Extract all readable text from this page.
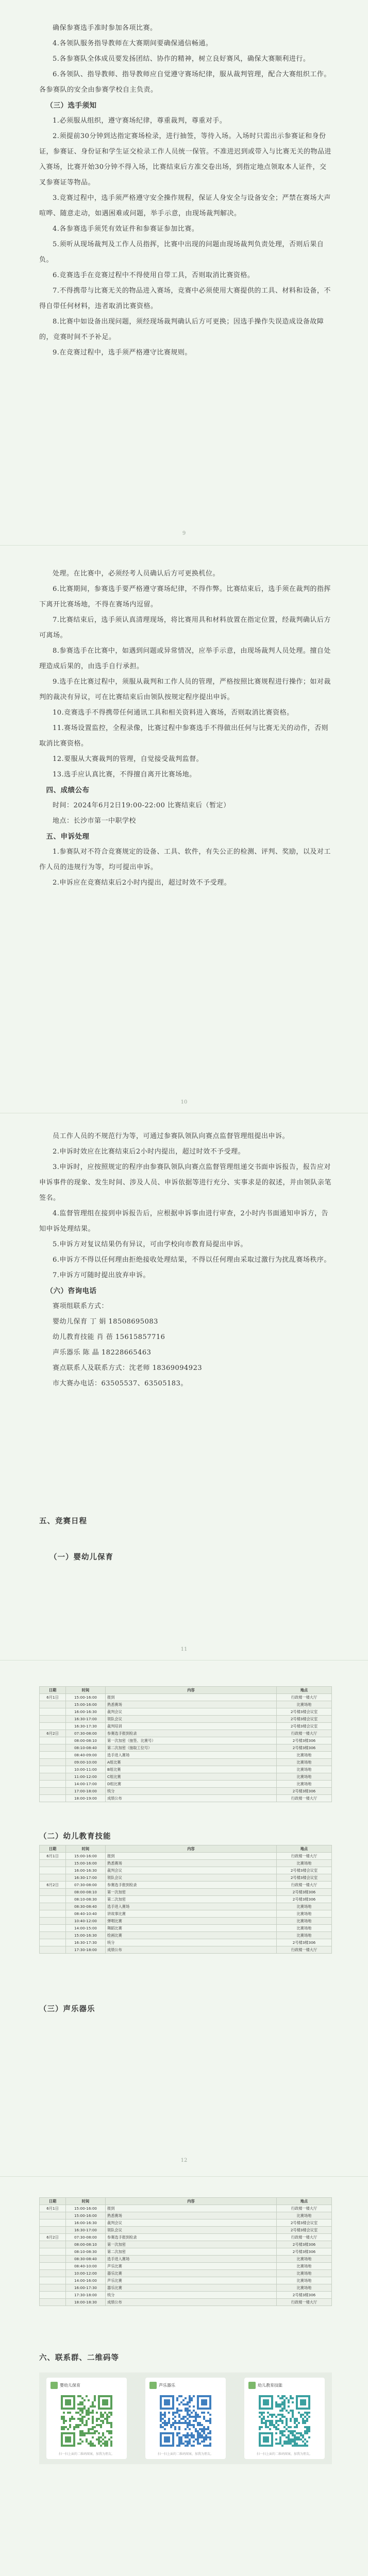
确保参赛选手准时参加各项比赛。

4.各领队服务指导教师在大赛期间要确保通信畅通。

5.各参赛队全体成员要发扬团结、协作的精神，树立良好赛风，确保大赛顺利进行。

6.各领队、指导教师、指导教师应自觉遵守赛场纪律，服从裁判管理，配合大赛组织工作。各参赛队的安全由参赛学校自主负责。

（三）选手须知

1.必须服从组织，遵守赛场纪律，尊重裁判，尊重对手。

2.须提前30分钟到达指定赛场检录，进行抽签，等待入场。入场时只需出示参赛证和身份证，参赛证、身份证和学生证交检录工作人员统一保管。不准进迟到或带入与比赛无关的物品进入赛场，比赛开始30分钟不得入场，比赛结束后方准交卷出场，到指定地点领取本人证件，交叉参赛证等物品。

3.竞赛过程中，选手须严格遵守安全操作规程，保证人身安全与设备安全；严禁在赛场大声喧哗、随意走动，如遇困难或问题，举手示意，由现场裁判解决。

4.各参赛选手须凭有效证件和参赛证参加比赛。

5.须听从现场裁判及工作人员指挥，比赛中出现的问题由现场裁判负责处理，否则后果自负。

6.竞赛选手在竞赛过程中不得使用自带工具，否则取消比赛资格。

7.不得携带与比赛无关的物品进入赛场，竞赛中必须使用大赛提供的工具、材料和设备，不得自带任何材料，违者取消比赛资格。

8.比赛中如设备出现问题，须经现场裁判确认后方可更换；因选手操作失误造成设备故障的，竞赛时间不予补足。

9.在竞赛过程中，选手须严格遵守比赛规则。

9

处理。在比赛中，必须经考人员确认后方可更换机位。

6.比赛期间，参赛选手要严格遵守赛场纪律，不得作弊。比赛结束后，选手须在裁判的指挥下离开比赛场地，不得在赛场内逗留。

7.比赛结束后，选手须认真清理现场，将比赛用具和材料放置在指定位置，经裁判确认后方可离场。

8.参赛选手在比赛中，如遇到问题或异常情况，应举手示意，由现场裁判人员处理。擅自处理造成后果的，由选手自行承担。

9.选手在比赛过程中，须服从裁判和工作人员的管理，严格按照比赛规程进行操作；如对裁判的裁决有异议，可在比赛结束后由领队按规定程序提出申诉。

10.竞赛选手不得携带任何通讯工具和相关资料进入赛场，否则取消比赛资格。

11.赛场设置监控，全程录像，比赛过程中参赛选手不得做出任何与比赛无关的动作，否则取消比赛资格。

12.要服从大赛裁判的管理，自觉接受裁判监督。

13.选手应认真比赛，不得擅自离开比赛场地。

四、成绩公布

时间：2024年6月2日19:00-22:00 比赛结束后（暂定）

地点：长沙市第一中职学校

五、申诉处理

1.参赛队对不符合竞赛规定的设备、工具、软件，有失公正的检测、评判、奖励，以及对工作人员的违规行为等，均可提出申诉。

2.申诉应在竞赛结束后2小时内提出，超过时效不予受理。

10

员工作人员的不规范行为等，可通过参赛队领队向赛点监督管理组提出申诉。

2.申诉时效应在比赛结束后2小时内提出，超过时效不予受理。

3.申诉时，应按照规定的程序由参赛队领队向赛点监督管理组递交书面申诉报告，报告应对申诉事件的现象、发生时间、涉及人员、申诉依据等进行充分、实事求是的叙述，并由领队亲笔签名。

4.监督管理组在接到申诉报告后，应根据申诉事由进行审查，2小时内书面通知申诉方，告知申诉处理结果。

5.申诉方对复议结果仍有异议，可由学校向市教育局提出申诉。

6.申诉方不得以任何理由拒绝接收处理结果，不得以任何理由采取过激行为扰乱赛场秩序。

7.申诉方可随时提出放弃申诉。

（六）咨询电话

赛项组联系方式：

婴幼儿保育 丁 娟 18508695083

幼儿教育技能 肖 蓓 15615857716

声乐器乐 陈 晶 18228665463

赛点联系人及联系方式：沈老师 18369094923

市大赛办电话：63505537、63505183。

五、竞赛日程
（一）婴幼儿保育
11
日期	时间	内容	地点
6月1日	15:00-16:00	报到	行政楼一楼大厅
	15:00-16:00	熟悉赛场	比赛场地
	16:00-16:30	裁判会议	2号楼3楼会议室
	16:30-17:00	领队会议	2号楼3楼会议室
	16:30-17:30	裁判培训	2号楼3楼会议室
6月2日	07:30-08:00	参赛选手报到检录	行政楼一楼大厅
	08:00-08:10	第一次加密（抽签、比赛号）	2号楼3楼306
	08:10-08:40	第二次加密（抽取工位号）	2号楼3楼306
	08:40-09:00	选手进入赛场	比赛场地
	09:00-10:00	A组比赛	比赛场地
	10:00-11:00	B组比赛	比赛场地
	11:00-12:00	C组比赛	比赛场地
	14:00-17:00	D组比赛	比赛场地
	17:00-18:00	统分	2号楼3楼306
	18:00-19:00	成绩公布	行政楼一楼大厅
（二）幼儿教育技能
日期	时间	内容	地点
6月1日	15:00-16:00	报到	行政楼一楼大厅
	15:00-16:00	熟悉赛场	比赛场地
	16:00-16:30	裁判会议	2号楼3楼会议室
	16:30-17:00	领队会议	2号楼3楼会议室
6月2日	07:30-08:00	参赛选手报到检录	行政楼一楼大厅
	08:00-08:10	第一次加密	2号楼3楼306
	08:10-08:30	第二次加密	2号楼3楼306
	08:30-08:40	选手进入赛场	比赛场地
	08:40-10:40	讲故事比赛	比赛场地
	10:40-12:00	弹唱比赛	比赛场地
	14:00-15:00	舞蹈比赛	比赛场地
	15:00-16:30	绘画比赛	比赛场地
	16:30-17:30	统分	2号楼3楼306
	17:30-18:00	成绩公布	行政楼一楼大厅
（三）声乐器乐
12
日期	时间	内容	地点
6月1日	15:00-16:00	报到	行政楼一楼大厅
	15:00-16:00	熟悉赛场	比赛场地
	16:00-16:30	裁判会议	2号楼3楼会议室
	16:30-17:00	领队会议	2号楼3楼会议室
6月2日	07:30-08:00	参赛选手报到检录	行政楼一楼大厅
	08:00-08:10	第一次加密	2号楼3楼306
	08:10-08:30	第二次加密	2号楼3楼306
	08:30-08:40	选手进入赛场	比赛场地
	08:40-10:00	声乐比赛	比赛场地
	10:00-12:00	器乐比赛	比赛场地
	14:00-16:00	声乐比赛	比赛场地
	16:00-17:30	器乐比赛	比赛场地
	17:30-18:00	统分	2号楼3楼306
	18:00-18:30	成绩公布	行政楼一楼大厅
六、联系群、二维码等
婴幼儿保育
扫一扫上面的二维码图案，加我为朋友。
声乐器乐
扫一扫上面的二维码图案，加我为朋友。
幼儿教育技能
扫一扫上面的二维码图案，加我为朋友。
